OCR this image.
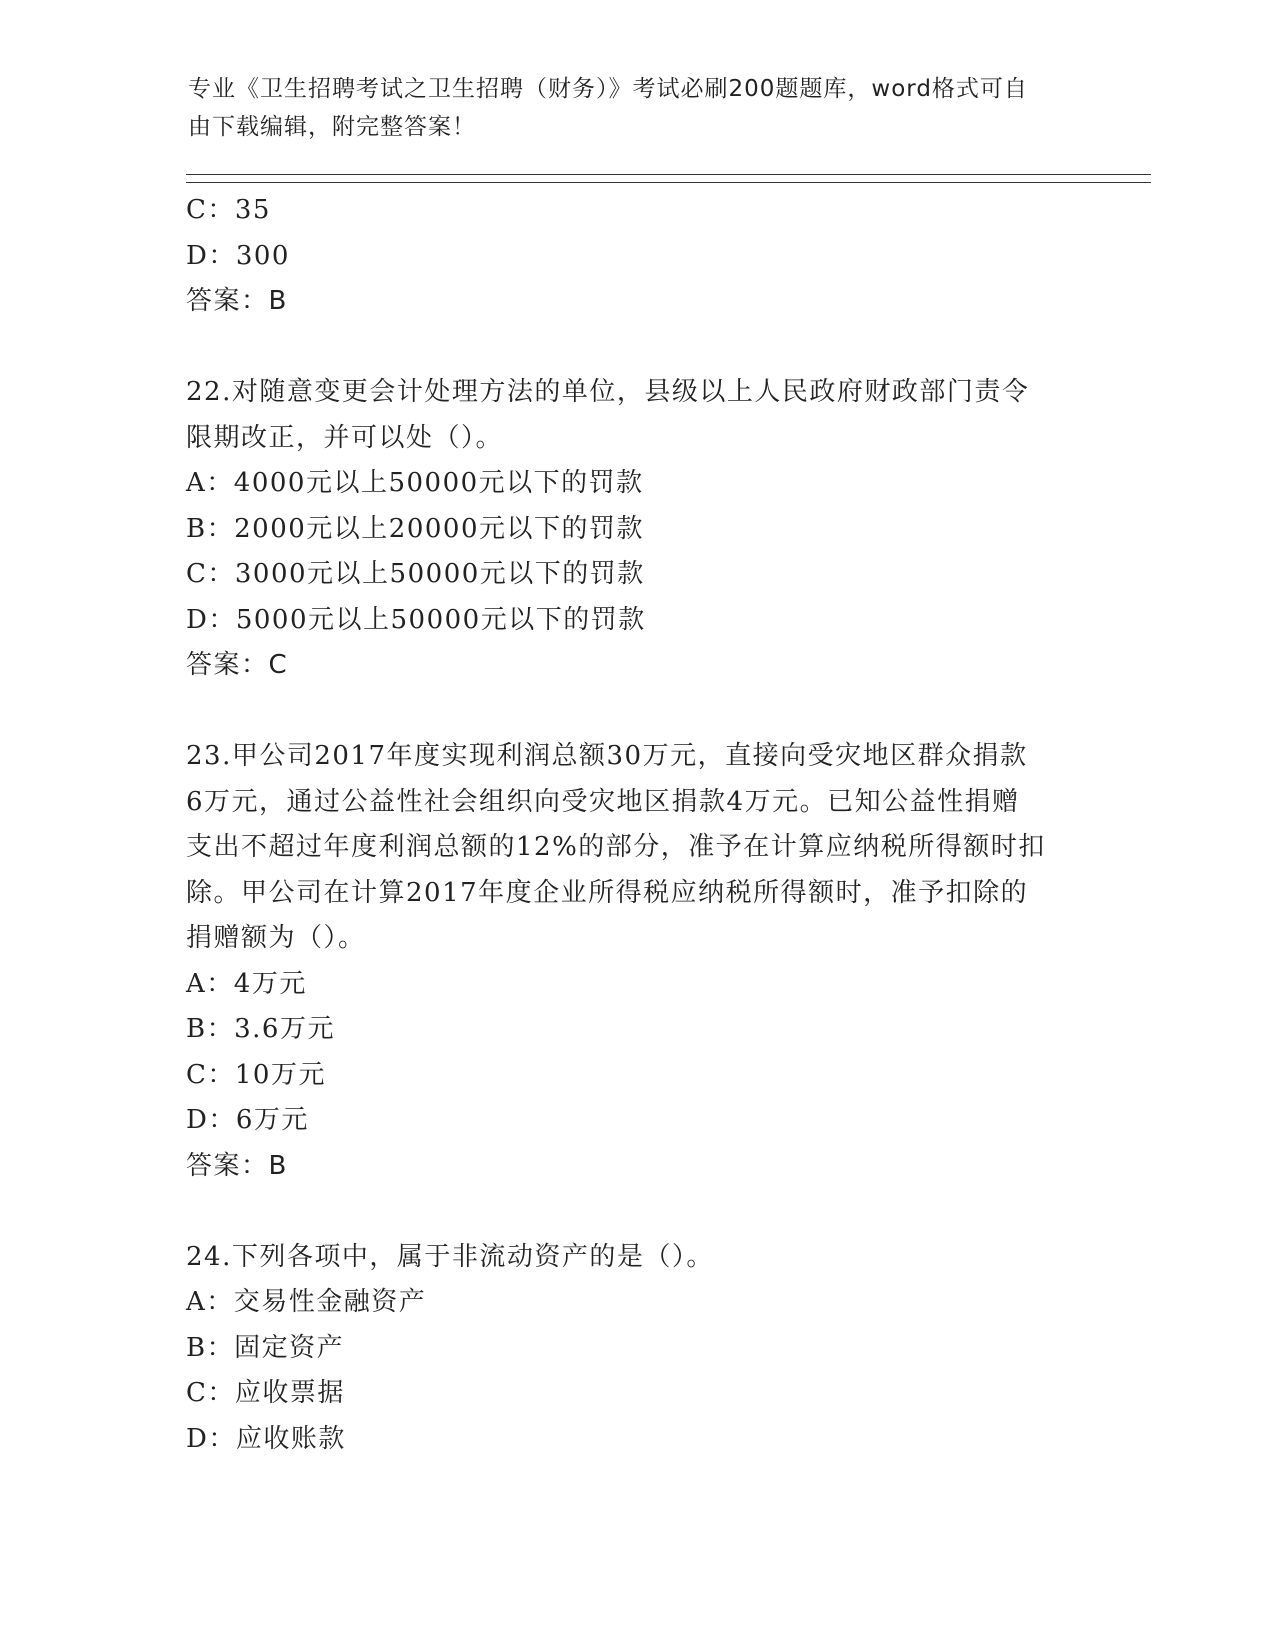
专业《卫生招聘考试之卫生招聘（财务）》考试必刷200题题库，word格式可自
由下载编辑，附完整答案！
C：35
D：300
答案：B
22.对随意变更会计处理方法的单位，县级以上人民政府财政部门责令
限期改正，并可以处（）。
A：4000元以上50000元以下的罚款
B：2000元以上20000元以下的罚款
C：3000元以上50000元以下的罚款
D：5000元以上50000元以下的罚款
答案：C
23.甲公司2017年度实现利润总额30万元，直接向受灾地区群众捐款
6万元，通过公益性社会组织向受灾地区捐款4万元。已知公益性捐赠
支出不超过年度利润总额的12%的部分，准予在计算应纳税所得额时扣
除。甲公司在计算2017年度企业所得税应纳税所得额时，准予扣除的
捐赠额为（）。
A：4万元
B：3.6万元
C：10万元
D：6万元
答案：B
24.下列各项中，属于非流动资产的是（）。
A：交易性金融资产
B：固定资产
C：应收票据
D：应收账款
